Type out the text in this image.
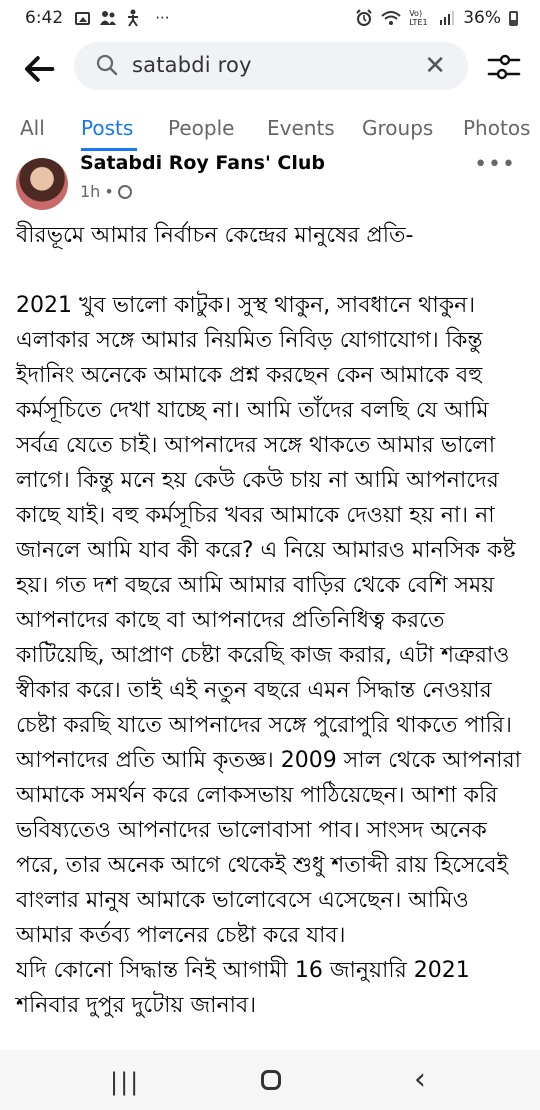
6:42	···	Vo) LTE1 36%
satabdi roy	✕
All Posts People Events Groups Photos
Satabdi Roy Fans' Club
1h •
•••
বীরভূমে আমার নির্বাচন কেন্দ্রের মানুষের প্রতি-

2021 খুব ভালো কাটুক। সুস্থ থাকুন, সাবধানে থাকুন। এলাকার সঙ্গে আমার নিয়মিত নিবিড় যোগাযোগ। কিন্তু ইদানিং অনেকে আমাকে প্রশ্ন করছেন কেন আমাকে বহু কর্মসূচিতে দেখা যাচ্ছে না। আমি তাঁদের বলছি যে আমি সর্বত্র যেতে চাই। আপনাদের সঙ্গে থাকতে আমার ভালো লাগে। কিন্তু মনে হয় কেউ কেউ চায় না আমি আপনাদের কাছে যাই। বহু কর্মসূচির খবর আমাকে দেওয়া হয় না। না জানলে আমি যাব কী করে? এ নিয়ে আমারও মানসিক কষ্ট হয়। গত দশ বছরে আমি আমার বাড়ির থেকে বেশি সময় আপনাদের কাছে বা আপনাদের প্রতিনিধিত্ব করতে কাটিয়েছি, আপ্রাণ চেষ্টা করেছি কাজ করার, এটা শত্রুরাও স্বীকার করে। তাই এই নতুন বছরে এমন সিদ্ধান্ত নেওয়ার চেষ্টা করছি যাতে আপনাদের সঙ্গে পুরোপুরি থাকতে পারি। আপনাদের প্রতি আমি কৃতজ্ঞ। 2009 সাল থেকে আপনারা আমাকে সমর্থন করে লোকসভায় পাঠিয়েছেন। আশা করি ভবিষ্যতেও আপনাদের ভালোবাসা পাব। সাংসদ অনেক পরে, তার অনেক আগে থেকেই শুধু শতাব্দী রায় হিসেবেই বাংলার মানুষ আমাকে ভালোবেসে এসেছেন। আমিও আমার কর্তব্য পালনের চেষ্টা করে যাব।
যদি কোনো সিদ্ধান্ত নিই আগামী 16 জানুয়ারি 2021 শনিবার দুপুর দুটোয় জানাব।
|||	‹
